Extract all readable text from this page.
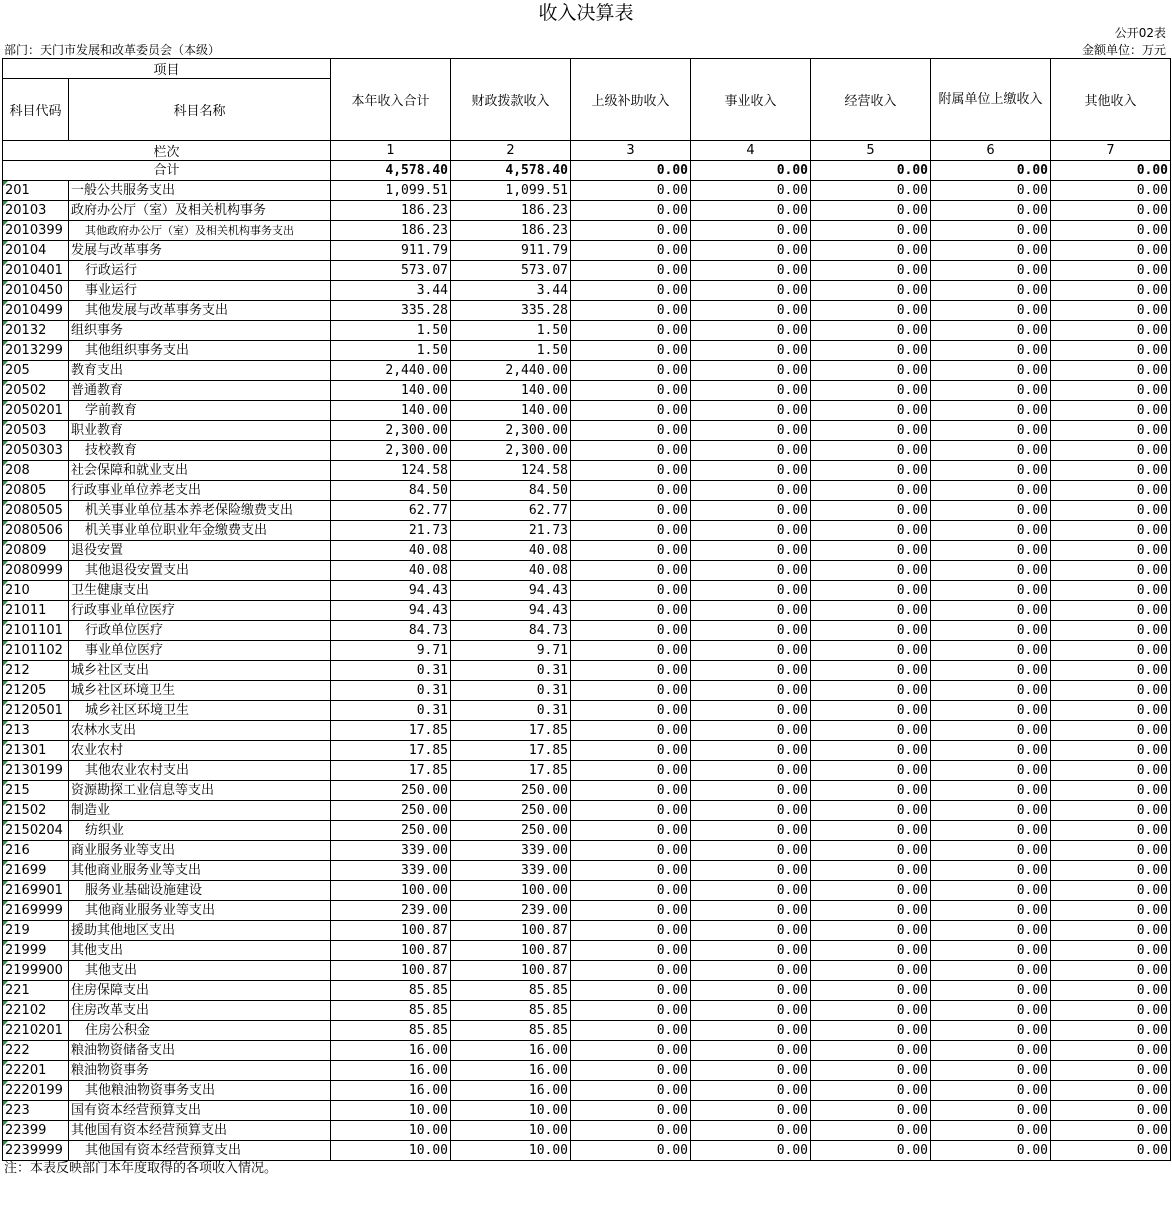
收入决算表
公开02表
部门：天门市发展和改革委员会（本级）	金额单位：万元
项目		本年收入合计	财政拨款收入	上级补助收入	事业收入	经营收入	附属单位上缴收入	其他收入
科目代码	科目名称							

栏次		1	2	3	4	5	6	7
合计		4,578.40	4,578.40	0.00	0.00	0.00	0.00	0.00

201	一般公共服务支出	1,099.51	1,099.51	0.00	0.00	0.00	0.00	0.00

20103	政府办公厅（室）及相关机构事务	186.23	186.23	0.00	0.00	0.00	0.00	0.00

2010399	其他政府办公厅（室）及相关机构事务支出	186.23	186.23	0.00	0.00	0.00	0.00	0.00

20104	发展与改革事务	911.79	911.79	0.00	0.00	0.00	0.00	0.00

2010401	行政运行	573.07	573.07	0.00	0.00	0.00	0.00	0.00

2010450	事业运行	3.44	3.44	0.00	0.00	0.00	0.00	0.00

2010499	其他发展与改革事务支出	335.28	335.28	0.00	0.00	0.00	0.00	0.00

20132	组织事务	1.50	1.50	0.00	0.00	0.00	0.00	0.00

2013299	其他组织事务支出	1.50	1.50	0.00	0.00	0.00	0.00	0.00

205	教育支出	2,440.00	2,440.00	0.00	0.00	0.00	0.00	0.00

20502	普通教育	140.00	140.00	0.00	0.00	0.00	0.00	0.00

2050201	学前教育	140.00	140.00	0.00	0.00	0.00	0.00	0.00

20503	职业教育	2,300.00	2,300.00	0.00	0.00	0.00	0.00	0.00

2050303	技校教育	2,300.00	2,300.00	0.00	0.00	0.00	0.00	0.00

208	社会保障和就业支出	124.58	124.58	0.00	0.00	0.00	0.00	0.00

20805	行政事业单位养老支出	84.50	84.50	0.00	0.00	0.00	0.00	0.00

2080505	机关事业单位基本养老保险缴费支出	62.77	62.77	0.00	0.00	0.00	0.00	0.00

2080506	机关事业单位职业年金缴费支出	21.73	21.73	0.00	0.00	0.00	0.00	0.00

20809	退役安置	40.08	40.08	0.00	0.00	0.00	0.00	0.00

2080999	其他退役安置支出	40.08	40.08	0.00	0.00	0.00	0.00	0.00

210	卫生健康支出	94.43	94.43	0.00	0.00	0.00	0.00	0.00

21011	行政事业单位医疗	94.43	94.43	0.00	0.00	0.00	0.00	0.00

2101101	行政单位医疗	84.73	84.73	0.00	0.00	0.00	0.00	0.00

2101102	事业单位医疗	9.71	9.71	0.00	0.00	0.00	0.00	0.00

212	城乡社区支出	0.31	0.31	0.00	0.00	0.00	0.00	0.00

21205	城乡社区环境卫生	0.31	0.31	0.00	0.00	0.00	0.00	0.00

2120501	城乡社区环境卫生	0.31	0.31	0.00	0.00	0.00	0.00	0.00

213	农林水支出	17.85	17.85	0.00	0.00	0.00	0.00	0.00

21301	农业农村	17.85	17.85	0.00	0.00	0.00	0.00	0.00

2130199	其他农业农村支出	17.85	17.85	0.00	0.00	0.00	0.00	0.00

215	资源勘探工业信息等支出	250.00	250.00	0.00	0.00	0.00	0.00	0.00

21502	制造业	250.00	250.00	0.00	0.00	0.00	0.00	0.00

2150204	纺织业	250.00	250.00	0.00	0.00	0.00	0.00	0.00

216	商业服务业等支出	339.00	339.00	0.00	0.00	0.00	0.00	0.00

21699	其他商业服务业等支出	339.00	339.00	0.00	0.00	0.00	0.00	0.00

2169901	服务业基础设施建设	100.00	100.00	0.00	0.00	0.00	0.00	0.00

2169999	其他商业服务业等支出	239.00	239.00	0.00	0.00	0.00	0.00	0.00

219	援助其他地区支出	100.87	100.87	0.00	0.00	0.00	0.00	0.00

21999	其他支出	100.87	100.87	0.00	0.00	0.00	0.00	0.00

2199900	其他支出	100.87	100.87	0.00	0.00	0.00	0.00	0.00

221	住房保障支出	85.85	85.85	0.00	0.00	0.00	0.00	0.00

22102	住房改革支出	85.85	85.85	0.00	0.00	0.00	0.00	0.00

2210201	住房公积金	85.85	85.85	0.00	0.00	0.00	0.00	0.00

222	粮油物资储备支出	16.00	16.00	0.00	0.00	0.00	0.00	0.00

22201	粮油物资事务	16.00	16.00	0.00	0.00	0.00	0.00	0.00

2220199	其他粮油物资事务支出	16.00	16.00	0.00	0.00	0.00	0.00	0.00

223	国有资本经营预算支出	10.00	10.00	0.00	0.00	0.00	0.00	0.00

22399	其他国有资本经营预算支出	10.00	10.00	0.00	0.00	0.00	0.00	0.00

2239999	其他国有资本经营预算支出	10.00	10.00	0.00	0.00	0.00	0.00	0.00
注：本表反映部门本年度取得的各项收入情况。
